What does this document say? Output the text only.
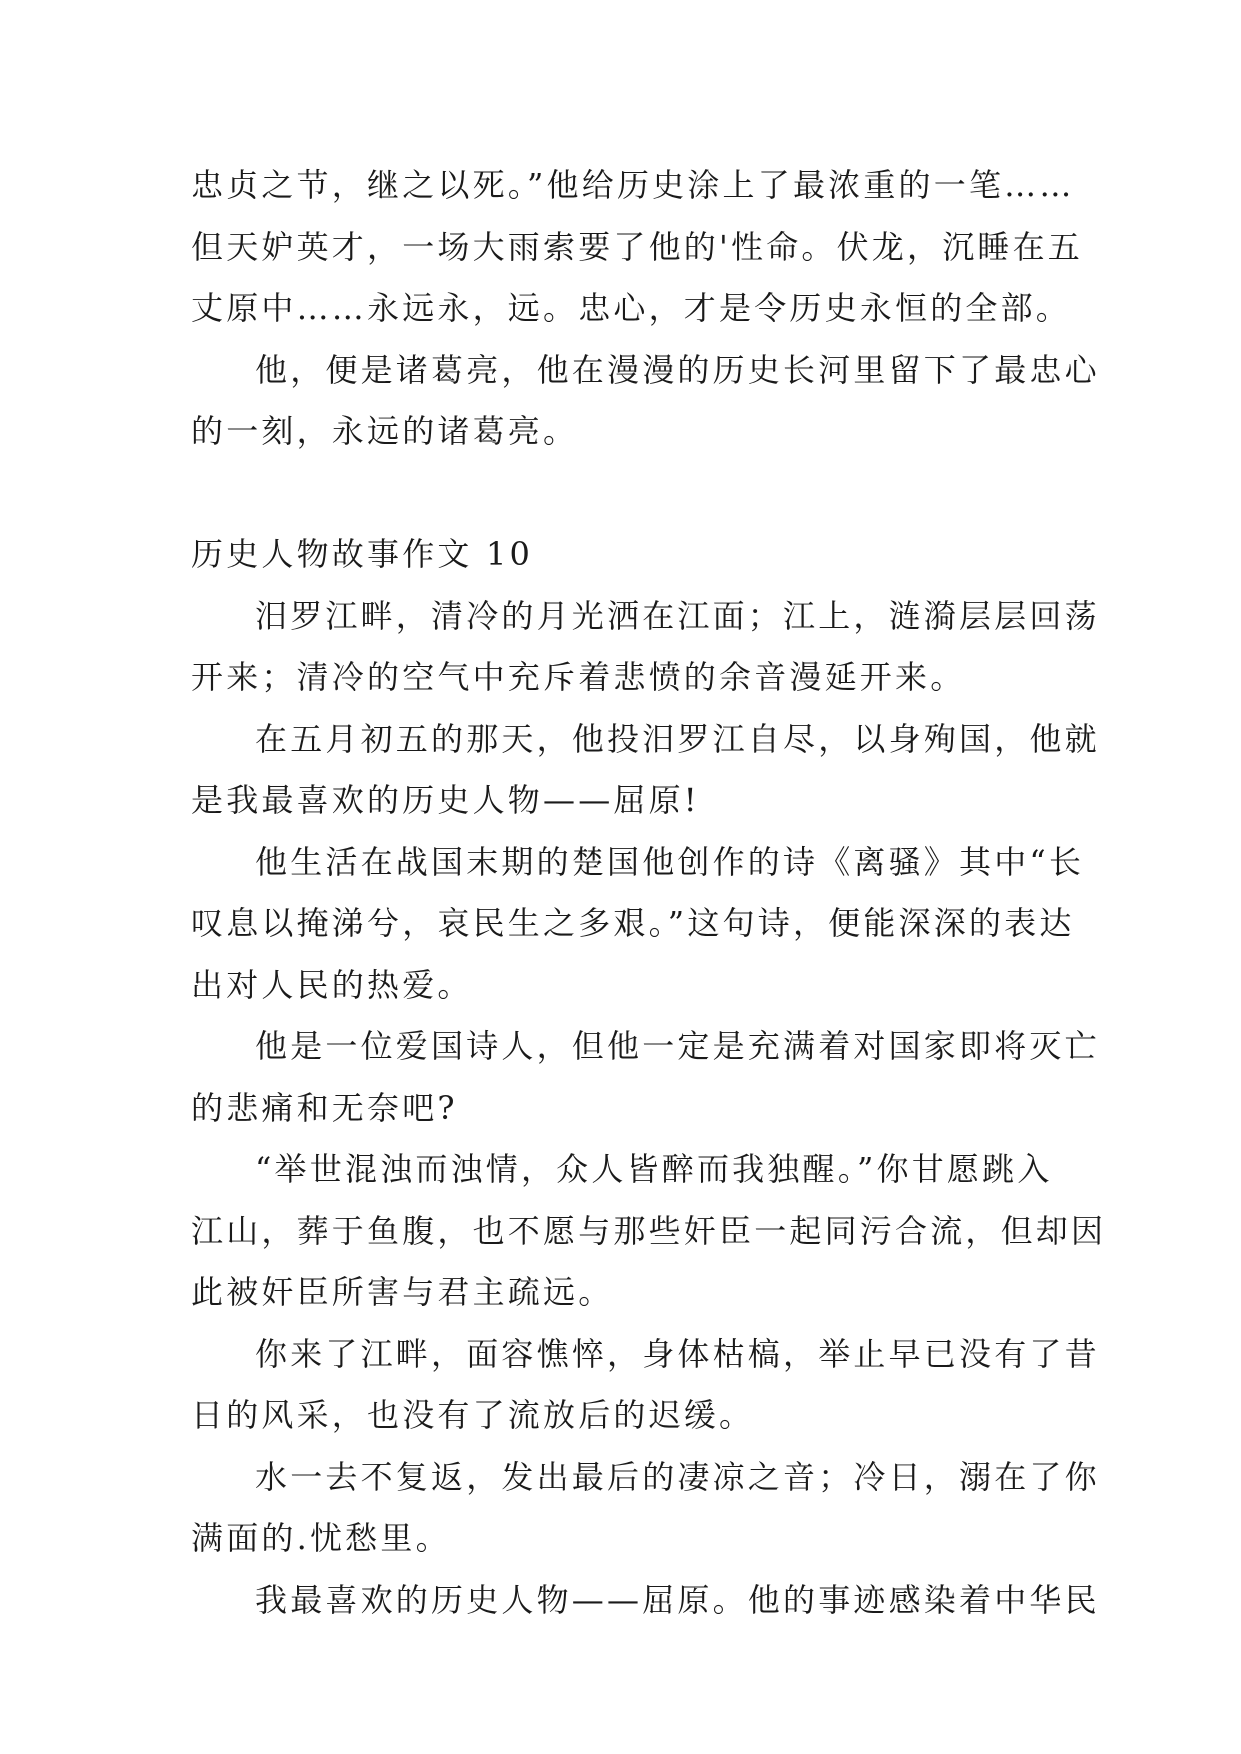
忠贞之节，继之以死。”他给历史涂上了最浓重的一笔……
但天妒英才，一场大雨索要了他的'性命。伏龙，沉睡在五
丈原中……永远永，远。忠心，才是令历史永恒的全部。
他，便是诸葛亮，他在漫漫的历史长河里留下了最忠心
的一刻，永远的诸葛亮。
历史人物故事作文 10
汨罗江畔，清冷的月光洒在江面；江上，涟漪层层回荡
开来；清冷的空气中充斥着悲愤的余音漫延开来。
在五月初五的那天，他投汨罗江自尽，以身殉国，他就
是我最喜欢的历史人物——屈原!
他生活在战国末期的楚国他创作的诗《离骚》其中“长
叹息以掩涕兮，哀民生之多艰。”这句诗，便能深深的表达
出对人民的热爱。
他是一位爱国诗人，但他一定是充满着对国家即将灭亡
的悲痛和无奈吧?
“举世混浊而浊情，众人皆醉而我独醒。”你甘愿跳入
江山，葬于鱼腹，也不愿与那些奸臣一起同污合流，但却因
此被奸臣所害与君主疏远。
你来了江畔，面容憔悴，身体枯槁，举止早已没有了昔
日的风采，也没有了流放后的迟缓。
水一去不复返，发出最后的凄凉之音；冷日，溺在了你
满面的.忧愁里。
我最喜欢的历史人物——屈原。他的事迹感染着中华民
